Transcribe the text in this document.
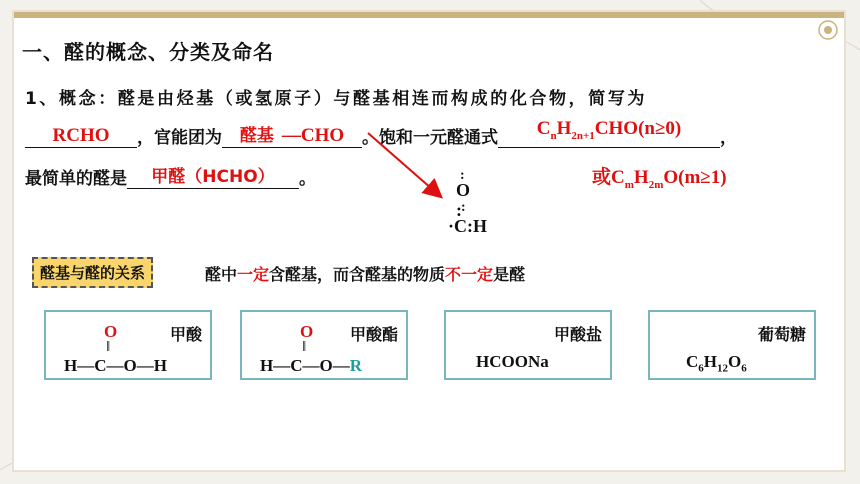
一、醛的概念、分类及命名
1、概念：醛是由烃基（或氢原子）与醛基相连而构成的化合物，简写为
RCHO ，官能团为 醛基 —CHO 。饱和一元醛通式 $C_nH_{2n+1}CHO(n\ge 0)$ ，
最简单的醛是 甲醛（HCHO） 。	或$C_mH_{2m}O(m\ge 1)$
:
O : :
·C:H
醛基与醛的关系	醛中一定含醛基，而含醛基的物质不一定是醛
甲酸
O
‖
H—C—O—H
甲酸酯
O
‖
H—C—O—R
甲酸盐
HCOONa
葡萄糖
$C_6H_{12}O_6$
